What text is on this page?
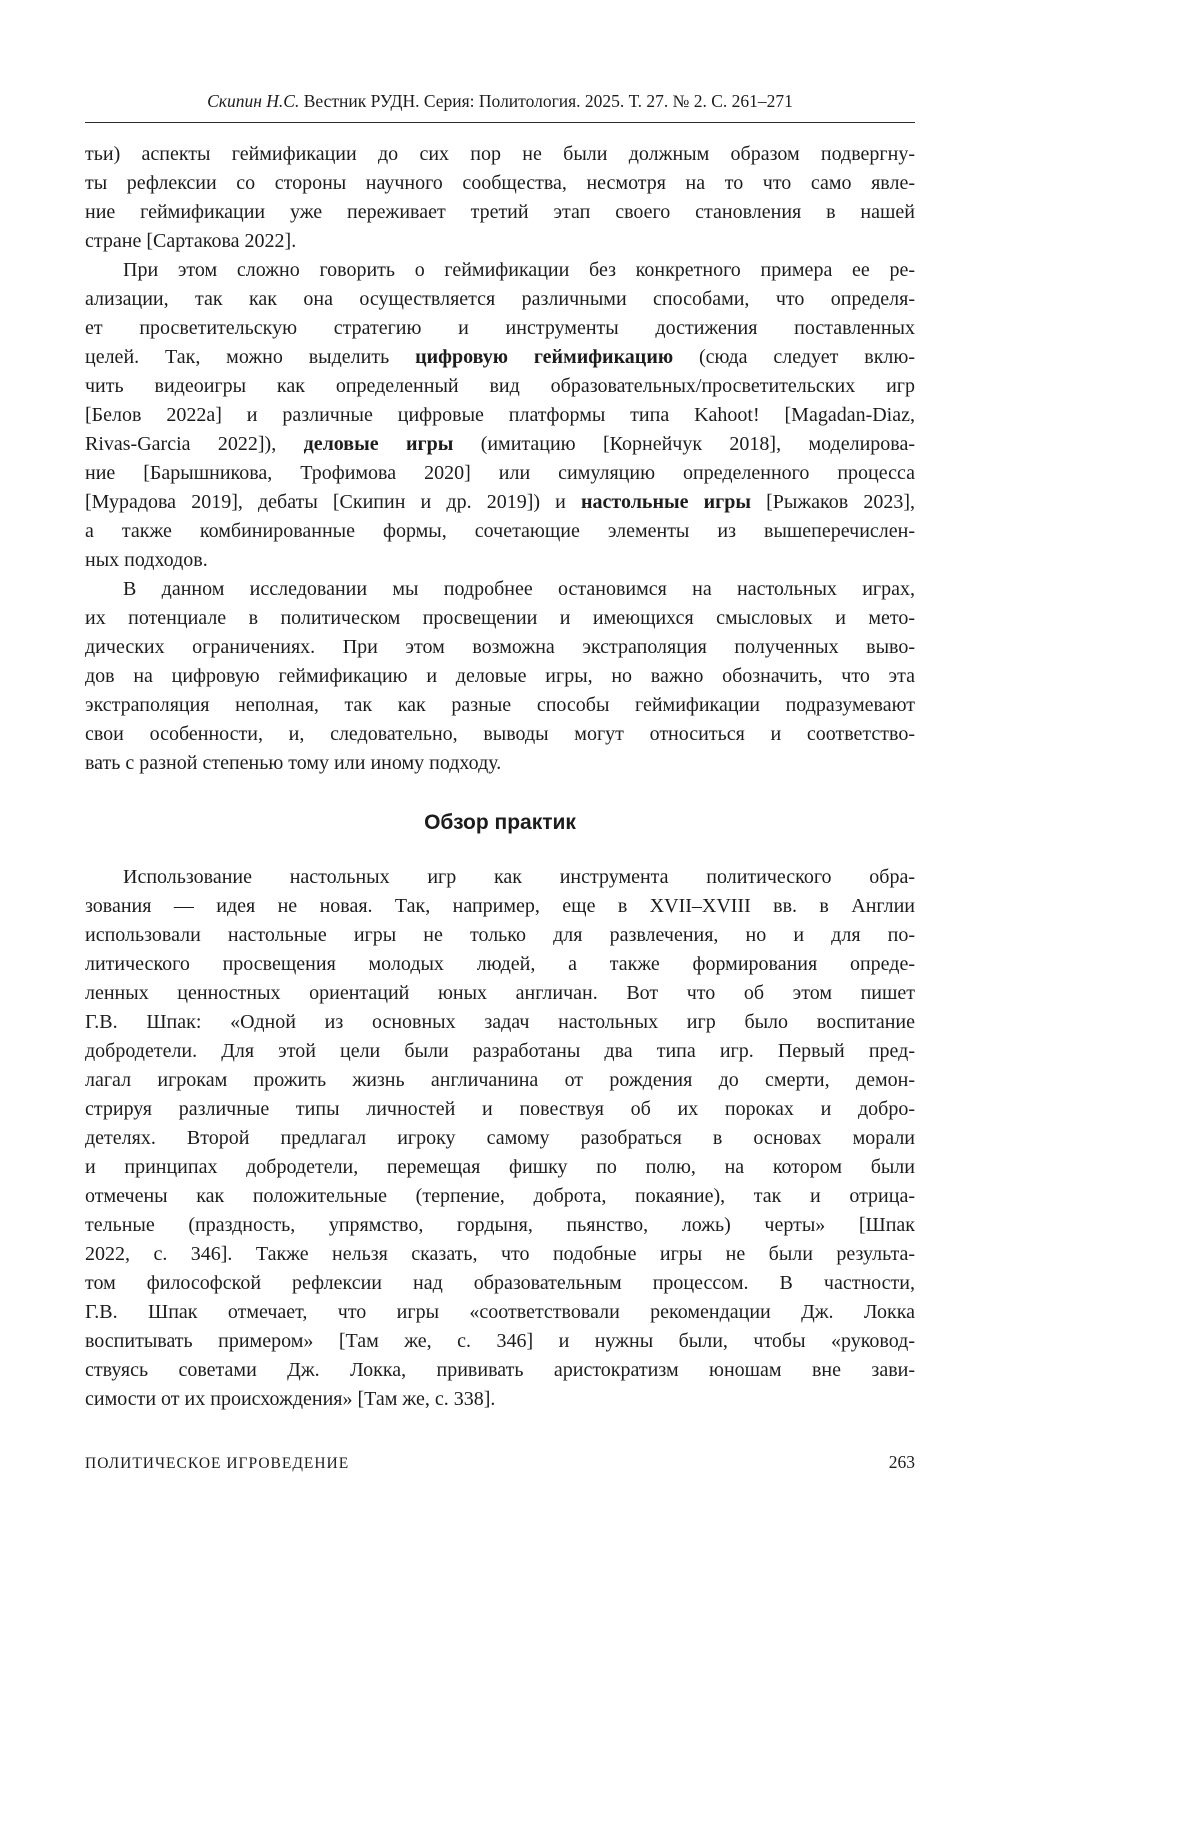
Скипин Н.С. Вестник РУДН. Серия: Политология. 2025. Т. 27. № 2. С. 261–271
тьи) аспекты геймификации до сих пор не были должным образом подвергну-
ты рефлексии со стороны научного сообщества, несмотря на то что само явле-
ние геймификации уже переживает третий этап своего становления в нашей
стране [Сартакова 2022].
При этом сложно говорить о геймификации без конкретного примера ее ре-
ализации, так как она осуществляется различными способами, что определя-
ет просветительскую стратегию и инструменты достижения поставленных
целей. Так, можно выделить цифровую геймификацию (сюда следует вклю-
чить видеоигры как определенный вид образовательных/просветительских игр
[Белов 2022а] и различные цифровые платформы типа Kahoot! [Magadan-Diaz,
Rivas-Garcia 2022]), деловые игры (имитацию [Корнейчук 2018], моделирова-
ние [Барышникова, Трофимова 2020] или симуляцию определенного процесса
[Мурадова 2019], дебаты [Скипин и др. 2019]) и настольные игры [Рыжаков 2023],
а также комбинированные формы, сочетающие элементы из вышеперечислен-
ных подходов.
В данном исследовании мы подробнее остановимся на настольных играх,
их потенциале в политическом просвещении и имеющихся смысловых и мето-
дических ограничениях. При этом возможна экстраполяция полученных выво-
дов на цифровую геймификацию и деловые игры, но важно обозначить, что эта
экстраполяция неполная, так как разные способы геймификации подразумевают
свои особенности, и, следовательно, выводы могут относиться и соответство-
вать с разной степенью тому или иному подходу.
Обзор практик
Использование настольных игр как инструмента политического обра-
зования — идея не новая. Так, например, еще в XVII–XVIII вв. в Англии
использовали настольные игры не только для развлечения, но и для по-
литического просвещения молодых людей, а также формирования опреде-
ленных ценностных ориентаций юных англичан. Вот что об этом пишет
Г.В. Шпак: «Одной из основных задач настольных игр было воспитание
добродетели. Для этой цели были разработаны два типа игр. Первый пред-
лагал игрокам прожить жизнь англичанина от рождения до смерти, демон-
стрируя различные типы личностей и повествуя об их пороках и добро-
детелях. Второй предлагал игроку самому разобраться в основах морали
и принципах добродетели, перемещая фишку по полю, на котором были
отмечены как положительные (терпение, доброта, покаяние), так и отрица-
тельные (праздность, упрямство, гордыня, пьянство, ложь) черты» [Шпак
2022, с. 346]. Также нельзя сказать, что подобные игры не были результа-
том философской рефлексии над образовательным процессом. В частности,
Г.В. Шпак отмечает, что игры «соответствовали рекомендации Дж. Локка
воспитывать примером» [Там же, с. 346] и нужны были, чтобы «руковод-
ствуясь советами Дж. Локка, прививать аристократизм юношам вне зави-
симости от их происхождения» [Там же, с. 338].
ПОЛИТИЧЕСКОЕ ИГРОВЕДЕНИЕ	263
